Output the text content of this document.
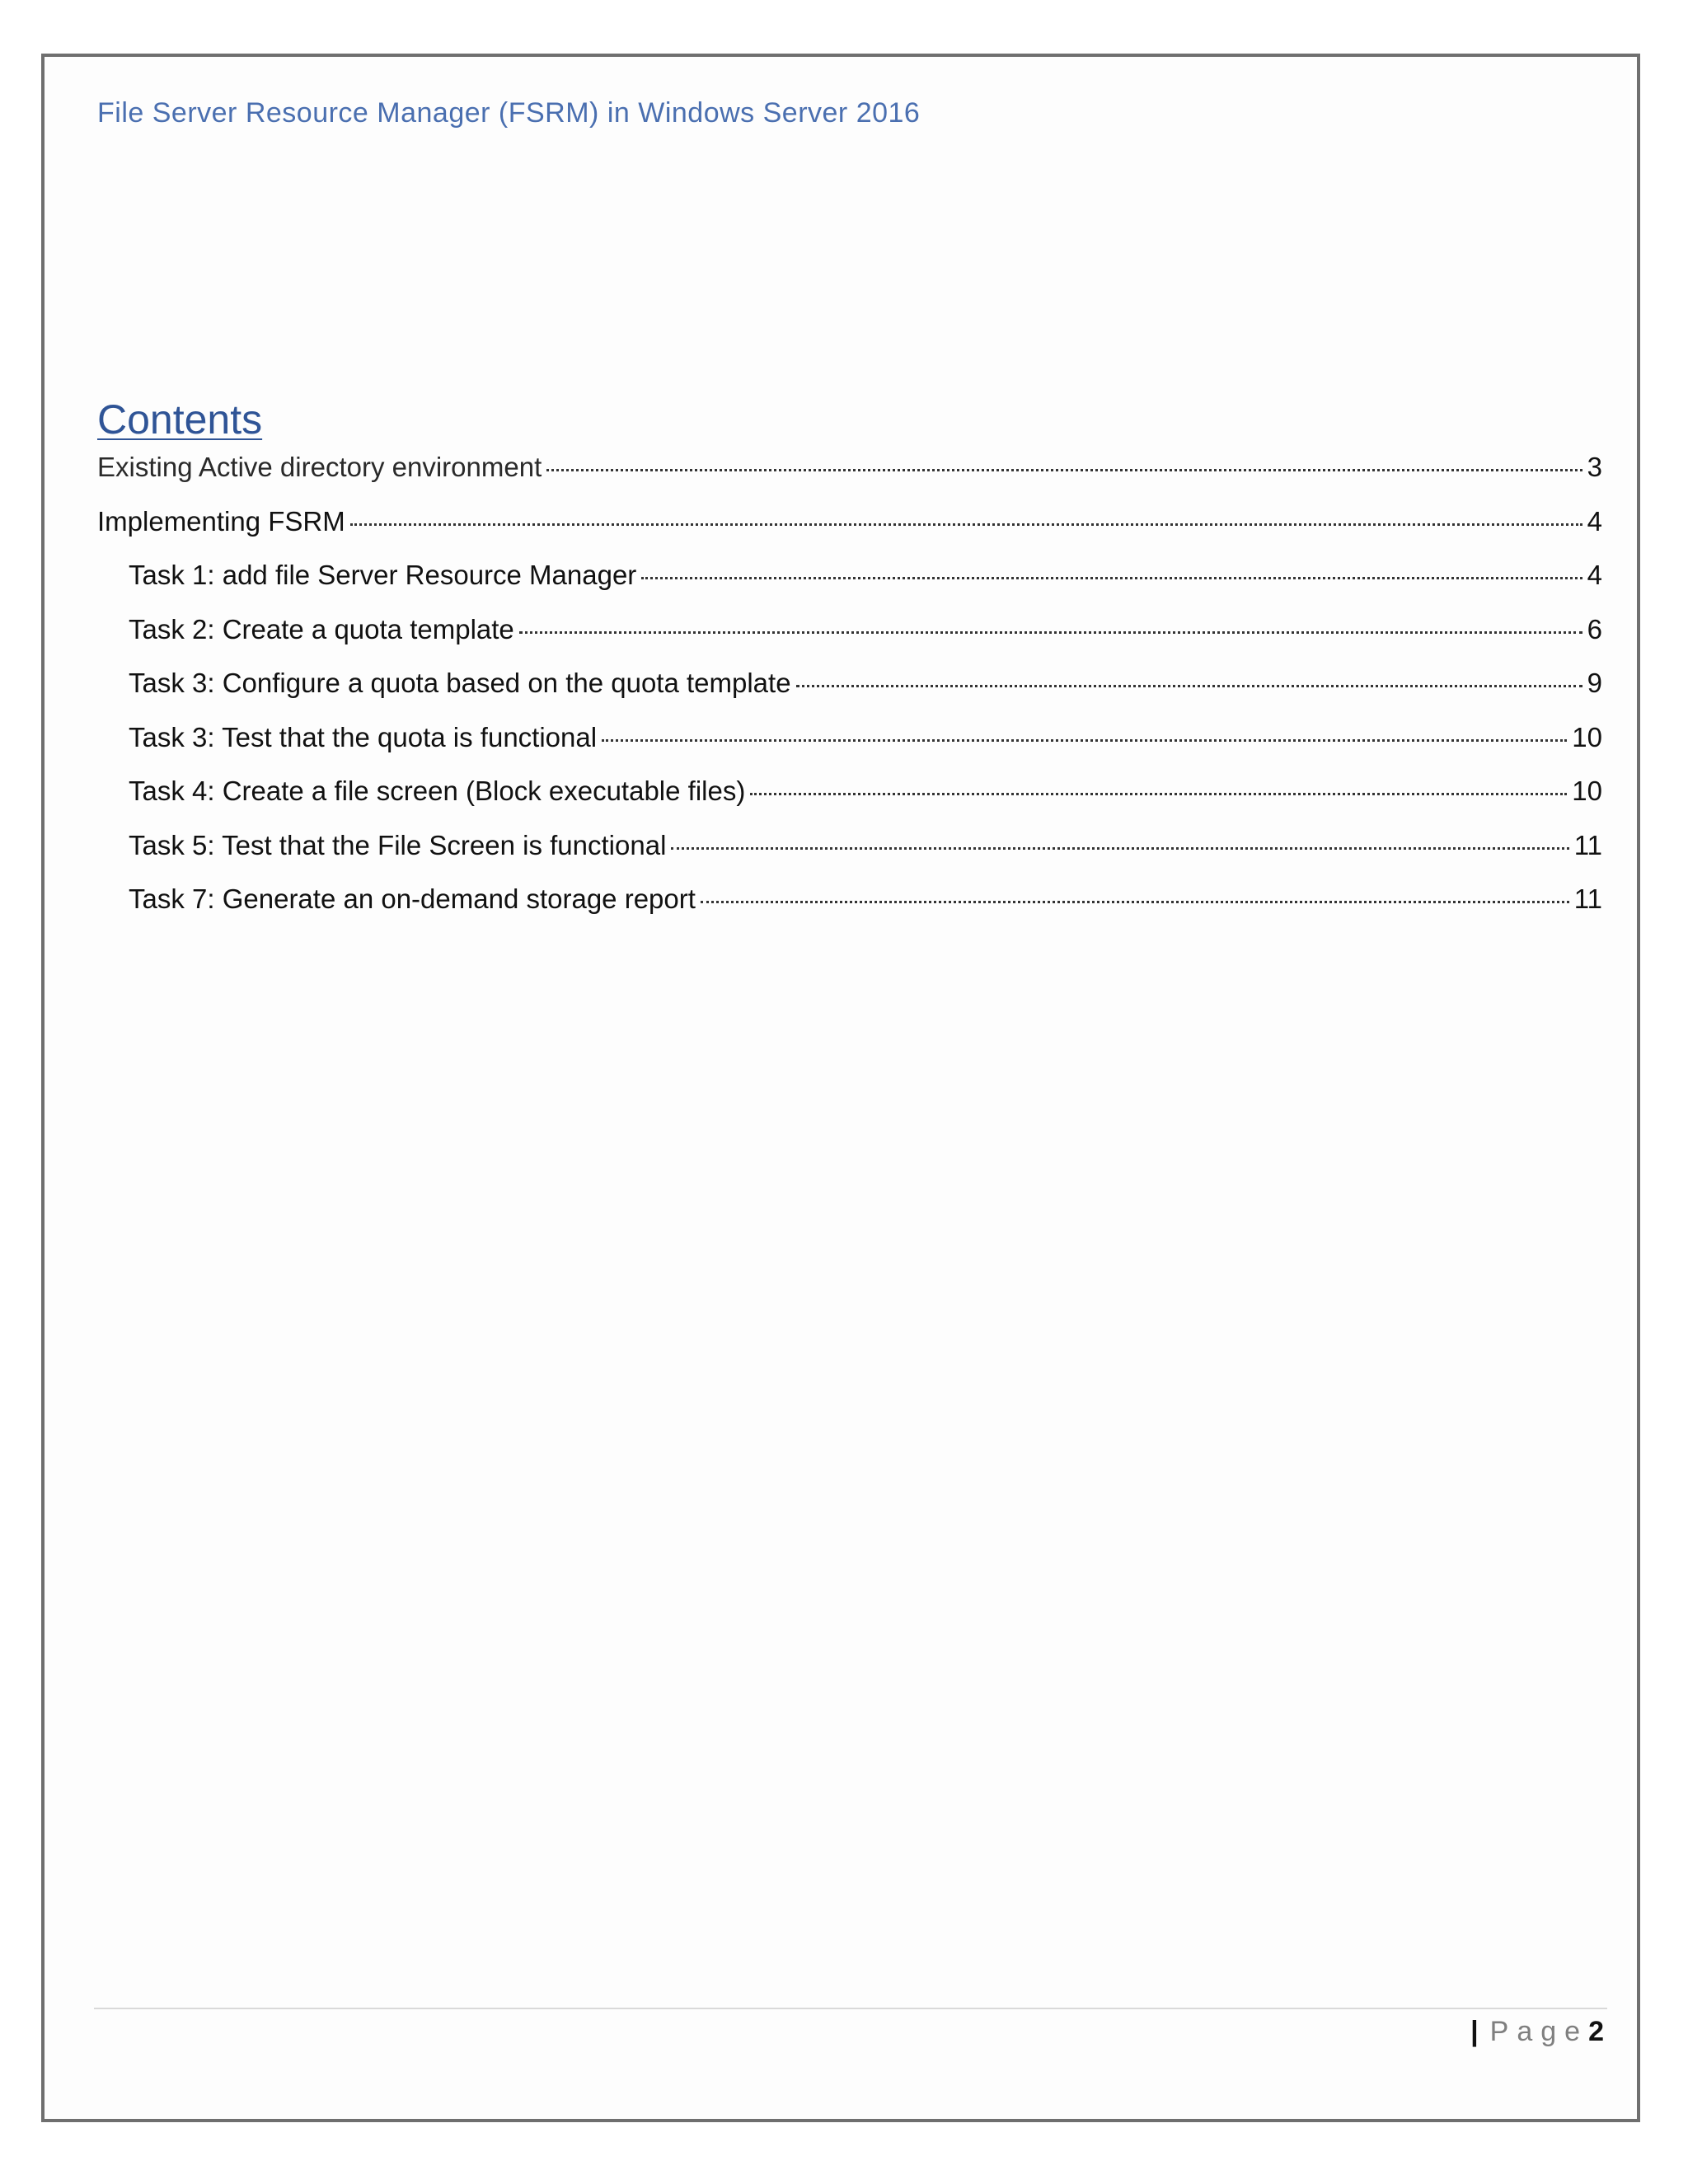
File Server Resource Manager (FSRM) in Windows Server 2016
Contents
Existing Active directory environment	3
Implementing FSRM	4
Task 1: add file Server Resource Manager	4
Task 2: Create a quota template	6
Task 3: Configure a quota based on the quota template	9
Task 3: Test that the quota is functional	10
Task 4: Create a file screen (Block executable files)	10
Task 5: Test that the File Screen is functional	11
Task 7: Generate an on-demand storage report	11
| Page 2
